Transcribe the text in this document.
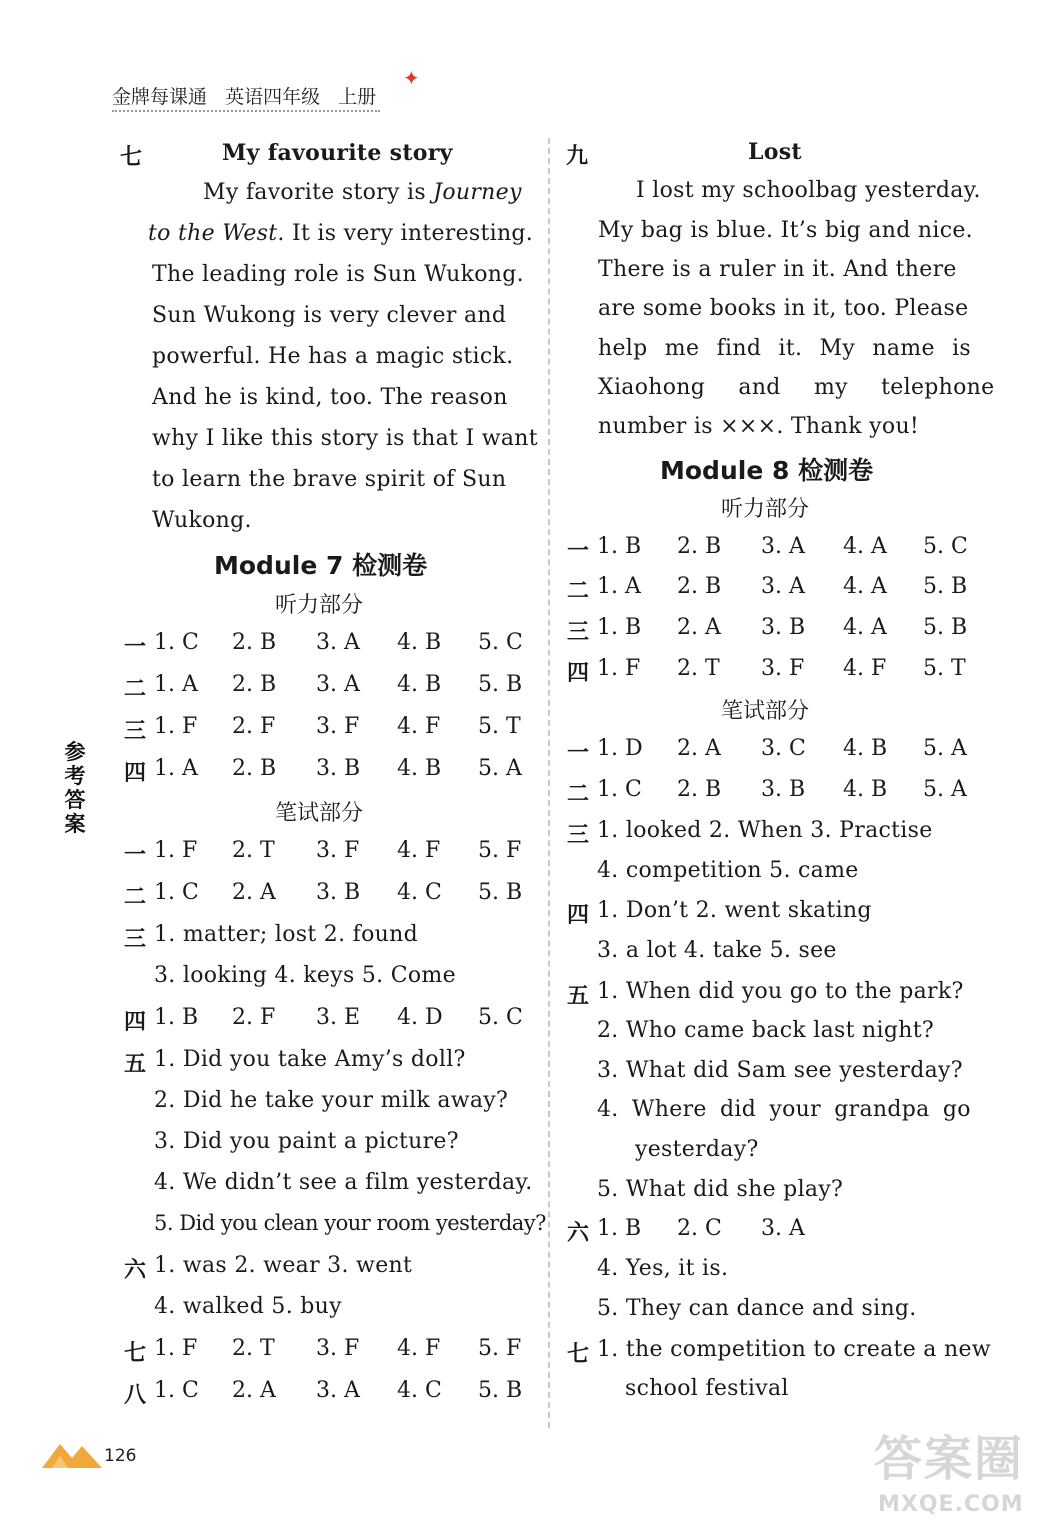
金牌每课通 英语四年级 上册
✦
参考答案
七	My favourite story
My favorite story is Journey
to the West. It is very interesting.
The leading role is Sun Wukong.
Sun Wukong is very clever and
powerful. He has a magic stick.
And he is kind, too. The reason
why I like this story is that I want
to learn the brave spirit of Sun
Wukong.
Module 7 检测卷
听力部分
一 1. C 2. B 3. A 4. B 5. C
二 1. A 2. B 3. A 4. B 5. B
三 1. F 2. F 3. F 4. F 5. T
四 1. A 2. B 3. B 4. B 5. A
笔试部分
一 1. F 2. T 3. F 4. F 5. F
二 1. C 2. A 3. B 4. C 5. B
三 1. matter; lost 2. found
3. looking 4. keys 5. Come
四 1. B 2. F 3. E 4. D 5. C
五 1. Did you take Amy’s doll?
2. Did he take your milk away?
3. Did you paint a picture?
4. We didn’t see a film yesterday.
5. Did you clean your room yesterday?
六 1. was 2. wear 3. went
4. walked 5. buy
七 1. F 2. T 3. F 4. F 5. F
八 1. C 2. A 3. A 4. C 5. B
九	Lost
I lost my schoolbag yesterday.
My bag is blue. It’s big and nice.
There is a ruler in it. And there
are some books in it, too. Please
help me find it. My name is
Xiaohong and my telephone
number is ×××. Thank you!
Module 8 检测卷
听力部分
一 1. B 2. B 3. A 4. A 5. C
二 1. A 2. B 3. A 4. A 5. B
三 1. B 2. A 3. B 4. A 5. B
四 1. F 2. T 3. F 4. F 5. T
笔试部分
一 1. D 2. A 3. C 4. B 5. A
二 1. C 2. B 3. B 4. B 5. A
三 1. looked 2. When 3. Practise
4. competition 5. came
四 1. Don’t 2. went skating
3. a lot 4. take 5. see
五 1. When did you go to the park?
2. Who came back last night?
3. What did Sam see yesterday?
4. Where did your grandpa go
yesterday?
5. What did she play?
六 1. B 2. C 3. A
4. Yes, it is.
5. They can dance and sing.
七 1. the competition to create a new
school festival
126	答案圈
MXQE.COM
